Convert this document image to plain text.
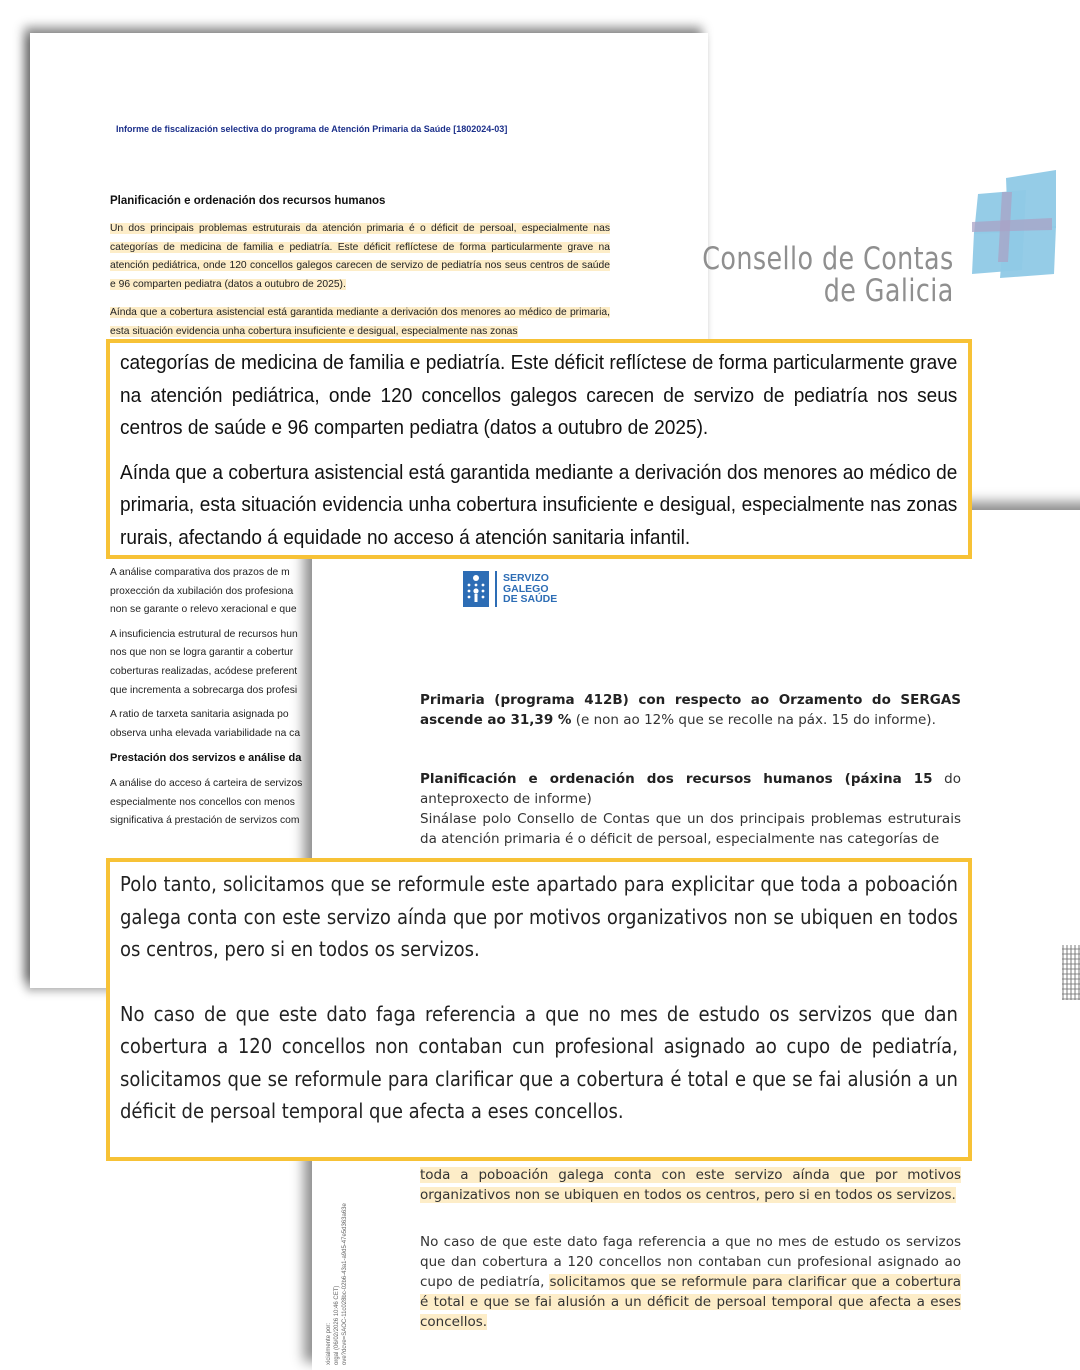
Informe de fiscalización selectiva do programa de Atención Primaria da Saúde [1802024-03]
Planificación e ordenación dos recursos humanos
Un dos principais problemas estruturais da atención primaria é o déficit de persoal, especialmente nas categorías de medicina de familia e pediatría. Este déficit reflíctese de forma particularmente grave na atención pediátrica, onde 120 concellos galegos carecen de servizo de pediatría nos seus centros de saúde e 96 comparten pediatra (datos a outubro de 2025).
Aínda que a cobertura asistencial está garantida mediante a derivación dos menores ao médico de primaria, esta situación evidencia unha cobertura insuficiente e desigual, especialmente nas zonas

A análise comparativa dos prazos de m
proxección da xubilación dos profesiona
non se garante o relevo xeracional e que

A insuficiencia estrutural de recursos hun
nos que non se logra garantir a cobertur
coberturas realizadas, acódese preferent
que incrementa a sobrecarga dos profesi

A ratio de tarxeta sanitaria asignada po
observa unha elevada variabilidade na ca

Prestación dos servizos e análise da

A análise do acceso á carteira de servizos
especialmente nos concellos con menos
significativa á prestación de servizos com

Consello de Contas
de Galicia
SERVIZO
GALEGO
DE SAÚDE
Primaria (programa 412B) con respecto ao Orzamento do SERGAS ascende ao 31,39 % (e non ao 12% que se recolle na páx. 15 do informe).
Planificación e ordenación dos recursos humanos (páxina 15 do anteproxecto de informe)
Sinálase polo Consello de Contas que un dos principais problemas estruturais da atención primaria é o déficit de persoal, especialmente nas categorías de
toda a poboación galega conta con este servizo aínda que por motivos organizativos non se ubiquen en todos os centros, pero si en todos os servizos.
No caso de que este dato faga referencia a que no mes de estudo os servizos que dan cobertura a 120 concellos non contaban cun profesional asignado ao cupo de pediatría, solicitamos que se reformule para clarificar que a cobertura é total e que se fai alusión a un déficit de persoal temporal que afecta a eses concellos.
xicialmente por: orgal (06/02/2026 10:46 CET) ove?dcve=SAOC-11c028bc-02b6-43a1-a9d5-47e5d363a63e

categorías de medicina de familia e pediatría. Este déficit reflíctese de forma particularmente grave na atención pediátrica, onde 120 concellos galegos carecen de servizo de pediatría nos seus centros de saúde e 96 comparten pediatra (datos a outubro de 2025).

Aínda que a cobertura asistencial está garantida mediante a derivación dos menores ao médico de primaria, esta situación evidencia unha cobertura insuficiente e desigual, especialmente nas zonas rurais, afectando á equidade no acceso á atención sanitaria infantil.

Polo tanto, solicitamos que se reformule este apartado para explicitar que toda a poboación galega conta con este servizo aínda que por motivos organizativos non se ubiquen en todos os centros, pero si en todos os servizos.

No caso de que este dato faga referencia a que no mes de estudo os servizos que dan cobertura a 120 concellos non contaban cun profesional asignado ao cupo de pediatría, solicitamos que se reformule para clarificar que a cobertura é total e que se fai alusión a un déficit de persoal temporal que afecta a eses concellos.
